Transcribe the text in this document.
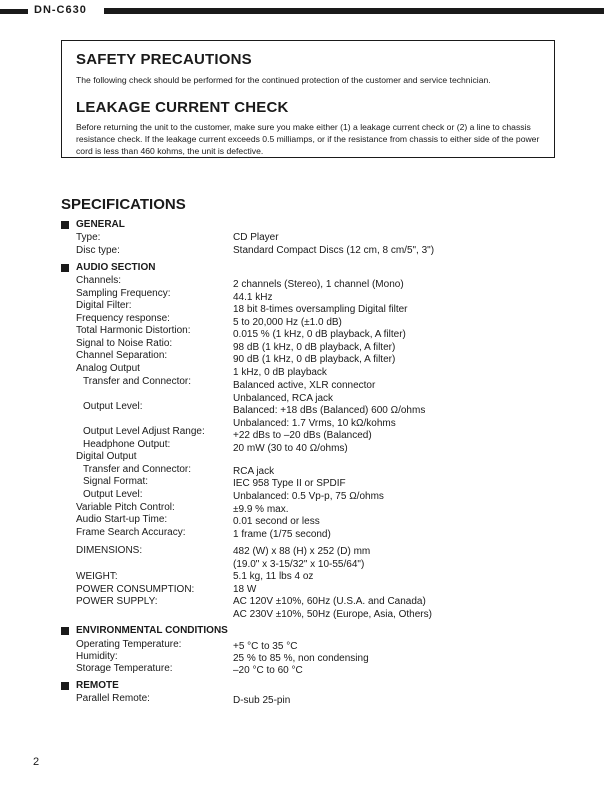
DN-C630
SAFETY PRECAUTIONS

The following check should be performed for the continued protection of the customer and service technician.

LEAKAGE CURRENT CHECK

Before returning the unit to the customer, make sure you make either (1) a leakage current check or (2) a line to chassis resistance check. If the leakage current exceeds 0.5 milliamps, or if the resistance from chassis to either side of the power cord is less than 460 kohms, the unit is defective.

SPECIFICATIONS
GENERAL
Type:	CD Player
Disc type:	Standard Compact Discs (12 cm, 8 cm/5", 3")
AUDIO SECTION
Channels:	2 channels (Stereo), 1 channel (Mono)
Sampling Frequency:	44.1 kHz
Digital Filter:	18 bit 8-times oversampling Digital filter
Frequency response:	5 to 20,000 Hz (±1.0 dB)
Total Harmonic Distortion:	0.015 % (1 kHz, 0 dB playback, A filter)
Signal to Noise Ratio:	98 dB (1 kHz, 0 dB playback, A filter)
Channel Separation:	90 dB (1 kHz, 0 dB playback, A filter)
Analog Output	1 kHz, 0 dB playback
Transfer and Connector:	Balanced active, XLR connector
Unbalanced, RCA jack
Output Level:	Balanced: +18 dBs (Balanced) 600 Ω/ohms
Unbalanced: 1.7 Vrms, 10 kΩ/kohms
Output Level Adjust Range:	+22 dBs to –20 dBs (Balanced)
Headphone Output:	20 mW (30 to 40 Ω/ohms)
Digital Output
Transfer and Connector:	RCA jack
Signal Format:	IEC 958 Type II or SPDIF
Output Level:	Unbalanced: 0.5 Vp-p, 75 Ω/ohms
Variable Pitch Control:	±9.9 % max.
Audio Start-up Time:	0.01 second or less
Frame Search Accuracy:	1 frame (1/75 second)
DIMENSIONS:	482 (W) x 88 (H) x 252 (D) mm
(19.0" x 3-15/32" x 10-55/64")
WEIGHT:	5.1 kg, 11 lbs 4 oz
POWER CONSUMPTION:	18 W
POWER SUPPLY:	AC 120V ±10%, 60Hz (U.S.A. and Canada)
AC 230V ±10%, 50Hz (Europe, Asia, Others)
ENVIRONMENTAL CONDITIONS
Operating Temperature:	+5 °C to 35 °C
Humidity:	25 % to 85 %, non condensing
Storage Temperature:	–20 °C to 60 °C
REMOTE
Parallel Remote:	D-sub 25-pin
2
